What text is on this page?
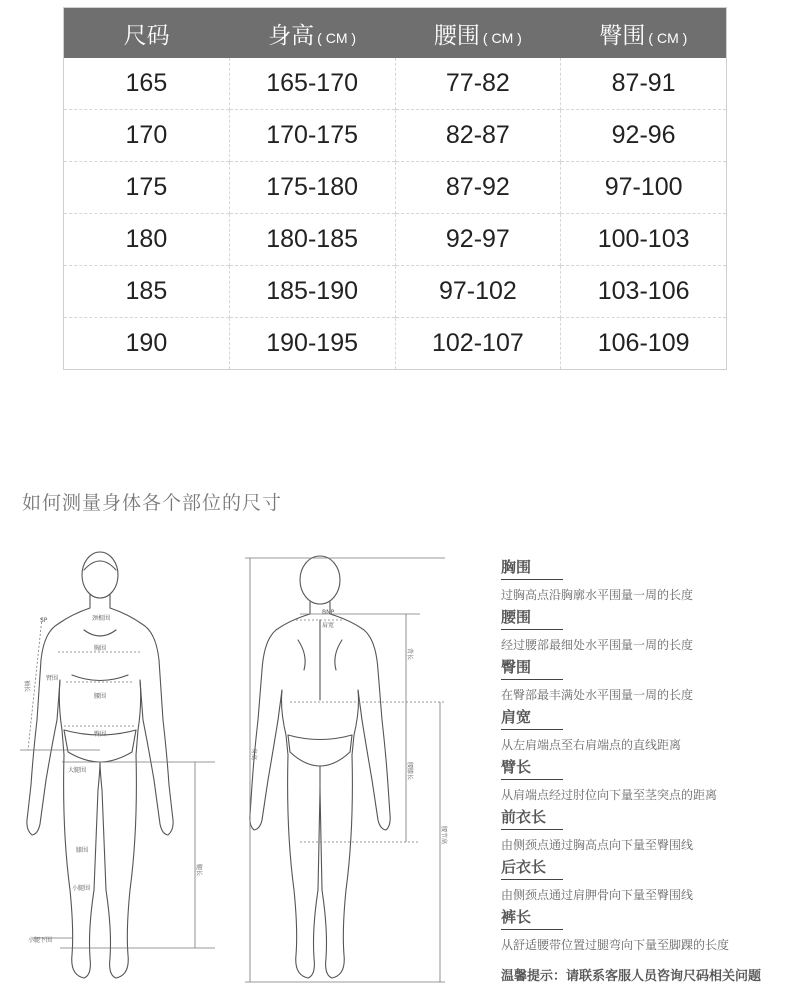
尺码	身高 ( CM )	腰围 ( CM )	臀围 ( CM )
165	165-170	77-82	87-91
170	170-175	82-87	92-96
175	175-180	87-92	97-100
180	180-185	92-97	100-103
185	185-190	97-102	103-106
190	190-195	102-107	106-109
如何测量身体各个部位的尺寸
SP	颈根围
胸围
臂围
袖长
腰围
臀围
大腿围
膝围
小腿围
小腿下围
腿长
BNP
肩宽
背长
身高
腰膝长
腰节高
胸围
过胸高点沿胸廓水平围量一周的长度
腰围
经过腰部最细处水平围量一周的长度
臀围
在臀部最丰满处水平围量一周的长度
肩宽
从左肩端点至右肩端点的直线距离
臂长
从肩端点经过肘位向下量至茎突点的距离
前衣长
由侧颈点通过胸高点向下量至臀围线
后衣长
由侧颈点通过肩胛骨向下量至臀围线
裤长
从舒适腰带位置过腿弯向下量至脚踝的长度
温馨提示：请联系客服人员咨询尺码相关问题
